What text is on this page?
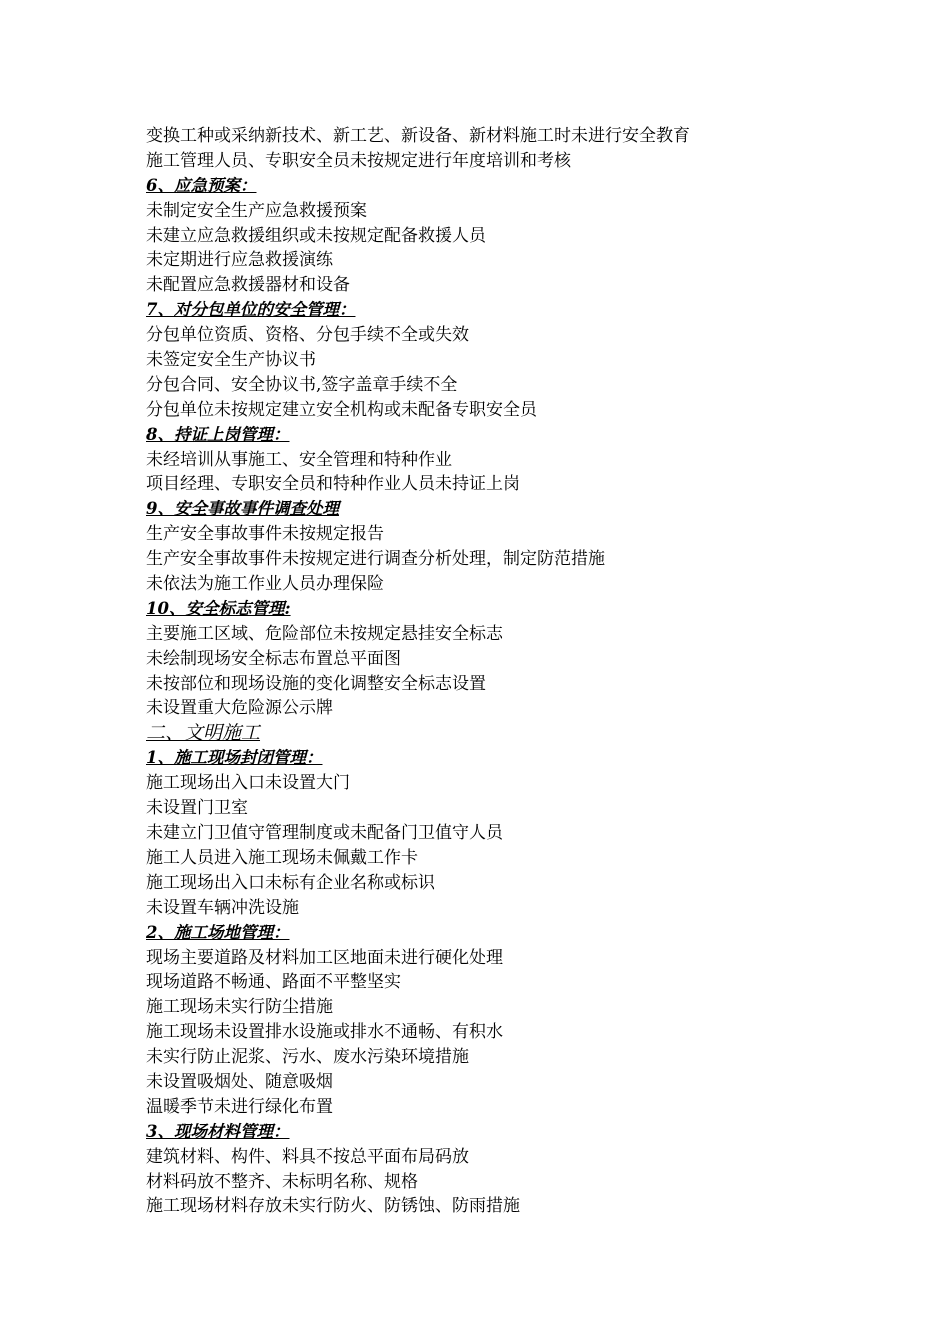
变换工种或采纳新技术、新工艺、新设备、新材料施工时未进行安全教育
施工管理人员、专职安全员未按规定进行年度培训和考核
6、应急预案：
未制定安全生产应急救援预案
未建立应急救援组织或未按规定配备救援人员
未定期进行应急救援演练
未配置应急救援器材和设备
7、对分包单位的安全管理：
分包单位资质、资格、分包手续不全或失效
未签定安全生产协议书
分包合同、安全协议书,签字盖章手续不全
分包单位未按规定建立安全机构或未配备专职安全员
8、持证上岗管理：
未经培训从事施工、安全管理和特种作业
项目经理、专职安全员和特种作业人员未持证上岗
9、安全事故事件调查处理
生产安全事故事件未按规定报告
生产安全事故事件未按规定进行调查分析处理，制定防范措施
未依法为施工作业人员办理保险
10、安全标志管理:
主要施工区域、危险部位未按规定悬挂安全标志
未绘制现场安全标志布置总平面图
未按部位和现场设施的变化调整安全标志设置
未设置重大危险源公示牌
二、文明施工
1、施工现场封闭管理：
施工现场出入口未设置大门
未设置门卫室
未建立门卫值守管理制度或未配备门卫值守人员
施工人员进入施工现场未佩戴工作卡
施工现场出入口未标有企业名称或标识
未设置车辆冲洗设施
2、施工场地管理：
现场主要道路及材料加工区地面未进行硬化处理
现场道路不畅通、路面不平整坚实
施工现场未实行防尘措施
施工现场未设置排水设施或排水不通畅、有积水
未实行防止泥浆、污水、废水污染环境措施
未设置吸烟处、随意吸烟
温暖季节未进行绿化布置
3、现场材料管理：
建筑材料、构件、料具不按总平面布局码放
材料码放不整齐、未标明名称、规格
施工现场材料存放未实行防火、防锈蚀、防雨措施
